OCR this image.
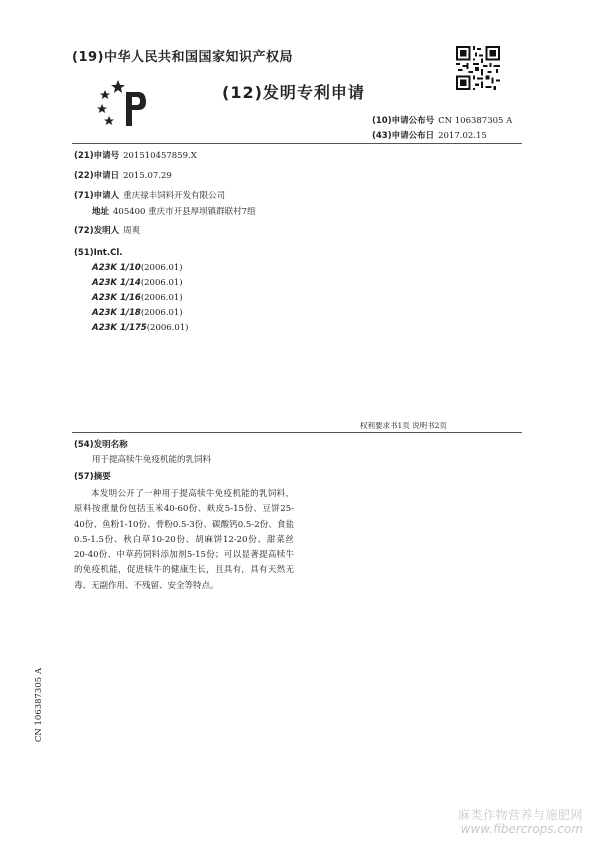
(19)中华人民共和国国家知识产权局
(12)发明专利申请
(10)申请公布号 CN 106387305 A
(43)申请公布日 2017.02.15
(21)申请号 201510457859.X
(22)申请日 2015.07.29
(71)申请人 重庆禄丰饲料开发有限公司
地址 405400 重庆市开县厚坝镇群联村7组
(72)发明人 周爽
(51)Int.Cl.
A23K 1/10(2006.01)
A23K 1/14(2006.01)
A23K 1/16(2006.01)
A23K 1/18(2006.01)
A23K 1/175(2006.01)
权利要求书1页 说明书2页
(54)发明名称
用于提高犊牛免疫机能的乳饲料
(57)摘要
本发明公开了一种用于提高犊牛免疫机能的乳饲料，原料按重量份包括玉米40-60份、麸皮5-15份、豆饼25-40份、鱼粉1-10份、骨粉0.5-3份、碳酸钙0.5-2份、食盐0.5-1.5份、秋白草10-20份、胡麻饼12-20份、甜菜丝20-40份、中草药饲料添加剂5-15份；可以显著提高犊牛的免疫机能，促进犊牛的健康生长，且具有，具有天然无毒、无副作用、不残留、安全等特点。
CN 106387305 A
麻类作物营养与施肥网
www.fibercrops.com
